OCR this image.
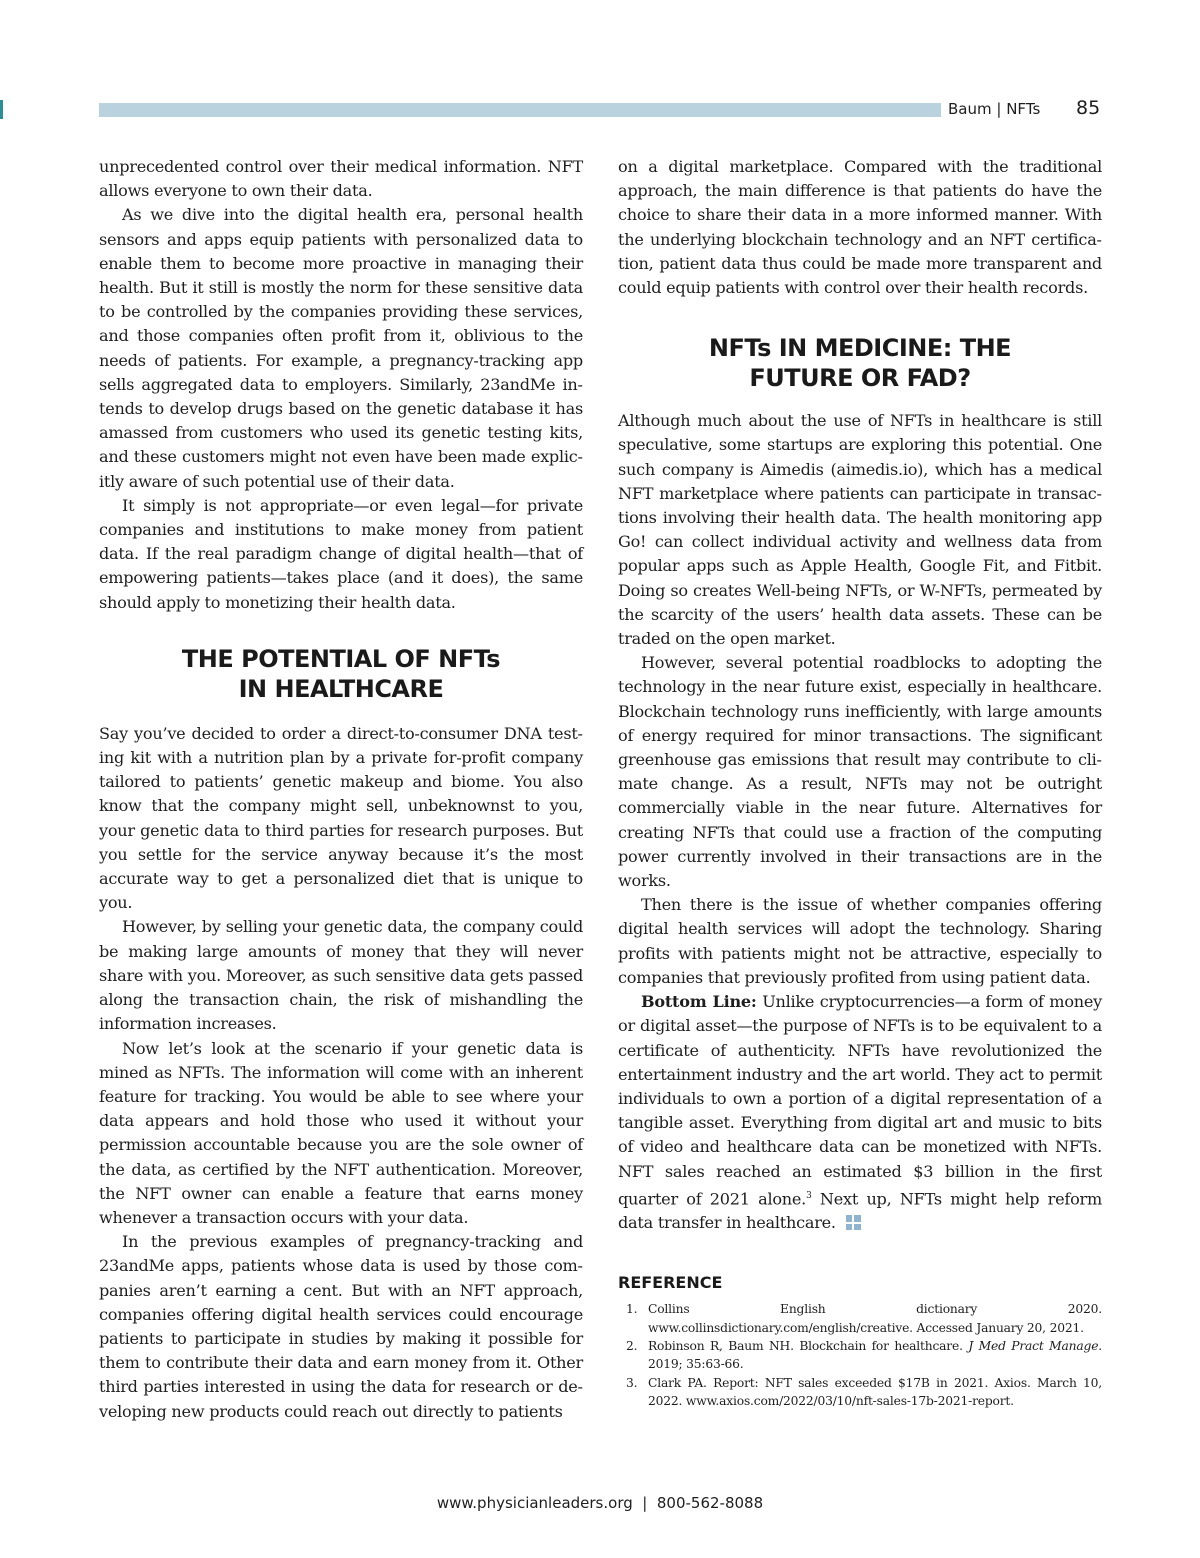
Baum | NFTs 85

unprecedented control over their medical information. NFT allows everyone to own their data.

As we dive into the digital health era, personal health sensors and apps equip patients with personalized data to enable them to become more proactive in managing their health. But it still is mostly the norm for these sensitive data to be controlled by the companies providing these services, and those companies often profit from it, oblivious to the needs of patients. For example, a pregnancy-tracking app sells aggregated data to employers. Similarly, 23andMe intends to develop drugs based on the genetic database it has amassed from customers who used its genetic testing kits, and these customers might not even have been made explicitly aware of such potential use of their data.

It simply is not appropriate—or even legal—for private companies and institutions to make money from patient data. If the real paradigm change of digital health—that of empowering patients—takes place (and it does), the same should apply to monetizing their health data.

THE POTENTIAL OF NFTs
IN HEALTHCARE

Say you’ve decided to order a direct-to-consumer DNA testing kit with a nutrition plan by a private for-profit company tailored to patients’ genetic makeup and biome. You also know that the company might sell, unbeknownst to you, your genetic data to third parties for research purposes. But you settle for the service anyway because it’s the most accurate way to get a personalized diet that is unique to you.

However, by selling your genetic data, the company could be making large amounts of money that they will never share with you. Moreover, as such sensitive data gets passed along the transaction chain, the risk of mishandling the information increases.

Now let’s look at the scenario if your genetic data is mined as NFTs. The information will come with an inherent feature for tracking. You would be able to see where your data appears and hold those who used it without your permission accountable because you are the sole owner of the data, as certified by the NFT authentication. Moreover, the NFT owner can enable a feature that earns money whenever a transaction occurs with your data.

In the previous examples of pregnancy-tracking and 23andMe apps, patients whose data is used by those companies aren’t earning a cent. But with an NFT approach, companies offering digital health services could encourage patients to participate in studies by making it possible for them to contribute their data and earn money from it. Other third parties interested in using the data for research or developing new products could reach out directly to patients

on a digital marketplace. Compared with the traditional approach, the main difference is that patients do have the choice to share their data in a more informed manner. With the underlying blockchain technology and an NFT certification, patient data thus could be made more transparent and could equip patients with control over their health records.

NFTs IN MEDICINE: THE
FUTURE OR FAD?

Although much about the use of NFTs in healthcare is still speculative, some startups are exploring this potential. One such company is Aimedis (aimedis.io), which has a medical NFT marketplace where patients can participate in transactions involving their health data. The health monitoring app Go! can collect individual activity and wellness data from popular apps such as Apple Health, Google Fit, and Fitbit. Doing so creates Well-being NFTs, or W-NFTs, permeated by the scarcity of the users’ health data assets. These can be traded on the open market.

However, several potential roadblocks to adopting the technology in the near future exist, especially in healthcare. Blockchain technology runs inefficiently, with large amounts of energy required for minor transactions. The significant greenhouse gas emissions that result may contribute to climate change. As a result, NFTs may not be outright commercially viable in the near future. Alternatives for creating NFTs that could use a fraction of the computing power currently involved in their transactions are in the works.

Then there is the issue of whether companies offering digital health services will adopt the technology. Sharing profits with patients might not be attractive, especially to companies that previously profited from using patient data.

Bottom Line: Unlike cryptocurrencies—a form of money or digital asset—the purpose of NFTs is to be equivalent to a certificate of authenticity. NFTs have revolutionized the entertainment industry and the art world. They act to permit individuals to own a portion of a digital representation of a tangible asset. Everything from digital art and music to bits of video and healthcare data can be monetized with NFTs. NFT sales reached an estimated $3 billion in the first quarter of 2021 alone.$^3$ Next up, NFTs might help reform data transfer in healthcare.

REFERENCE
1. Collins English dictionary 2020. www.collinsdictionary.com/english/creative. Accessed January 20, 2021.
2. Robinson R, Baum NH. Blockchain for healthcare. J Med Pract Manage. 2019; 35:63-66.
3. Clark PA. Report: NFT sales exceeded $17B in 2021. Axios. March 10, 2022. www.axios.com/2022/03/10/nft-sales-17b-2021-report.
www.physicianleaders.org  |  800-562-8088
